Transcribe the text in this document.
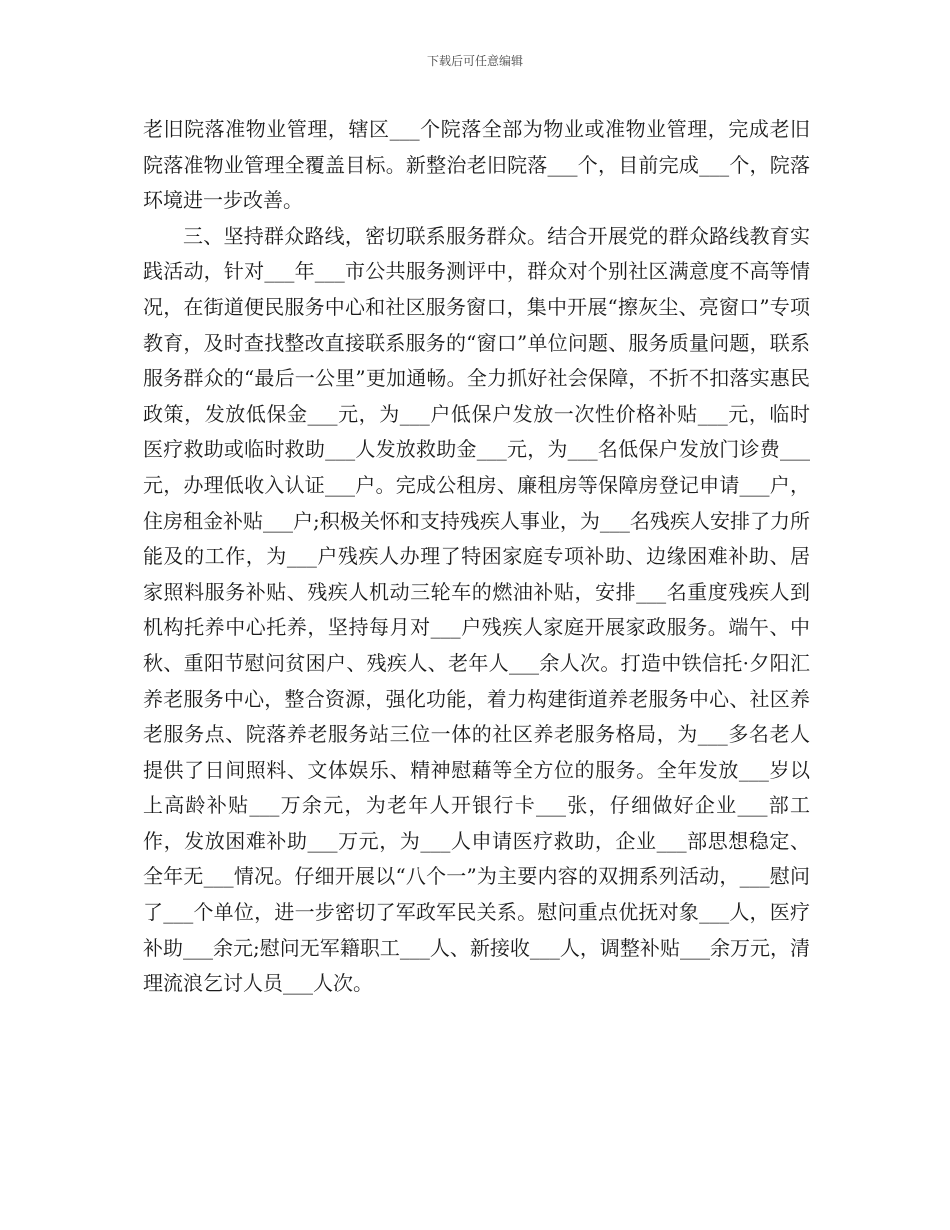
下载后可任意编辑

老旧院落准物业管理，辖区___个院落全部为物业或准物业管理，完成老旧院落准物业管理全覆盖目标。新整治老旧院落___个，目前完成___个，院落环境进一步改善。

三、坚持群众路线，密切联系服务群众。结合开展党的群众路线教育实践活动，针对___年___市公共服务测评中，群众对个别社区满意度不高等情况，在街道便民服务中心和社区服务窗口，集中开展“擦灰尘、亮窗口”专项教育，及时查找整改直接联系服务的“窗口”单位问题、服务质量问题，联系服务群众的“最后一公里”更加通畅。全力抓好社会保障，不折不扣落实惠民政策，发放低保金___元，为___户低保户发放一次性价格补贴___元，临时医疗救助或临时救助___人发放救助金___元，为___名低保户发放门诊费___元，办理低收入认证___户。完成公租房、廉租房等保障房登记申请___户，住房租金补贴___户;积极关怀和支持残疾人事业，为___名残疾人安排了力所能及的工作，为___户残疾人办理了特困家庭专项补助、边缘困难补助、居家照料服务补贴、残疾人机动三轮车的燃油补贴，安排___名重度残疾人到机构托养中心托养，坚持每月对___户残疾人家庭开展家政服务。端午、中秋、重阳节慰问贫困户、残疾人、老年人___余人次。打造中铁信托·夕阳汇养老服务中心，整合资源，强化功能，着力构建街道养老服务中心、社区养老服务点、院落养老服务站三位一体的社区养老服务格局，为___多名老人提供了日间照料、文体娱乐、精神慰藉等全方位的服务。全年发放___岁以上高龄补贴___万余元，为老年人开银行卡___张，仔细做好企业___部工作，发放困难补助___万元，为___人申请医疗救助，企业___部思想稳定、全年无___情况。仔细开展以“八个一”为主要内容的双拥系列活动，___慰问了___个单位，进一步密切了军政军民关系。慰问重点优抚对象___人，医疗补助___余元;慰问无军籍职工___人、新接收___人，调整补贴___余万元，清理流浪乞讨人员___人次。
